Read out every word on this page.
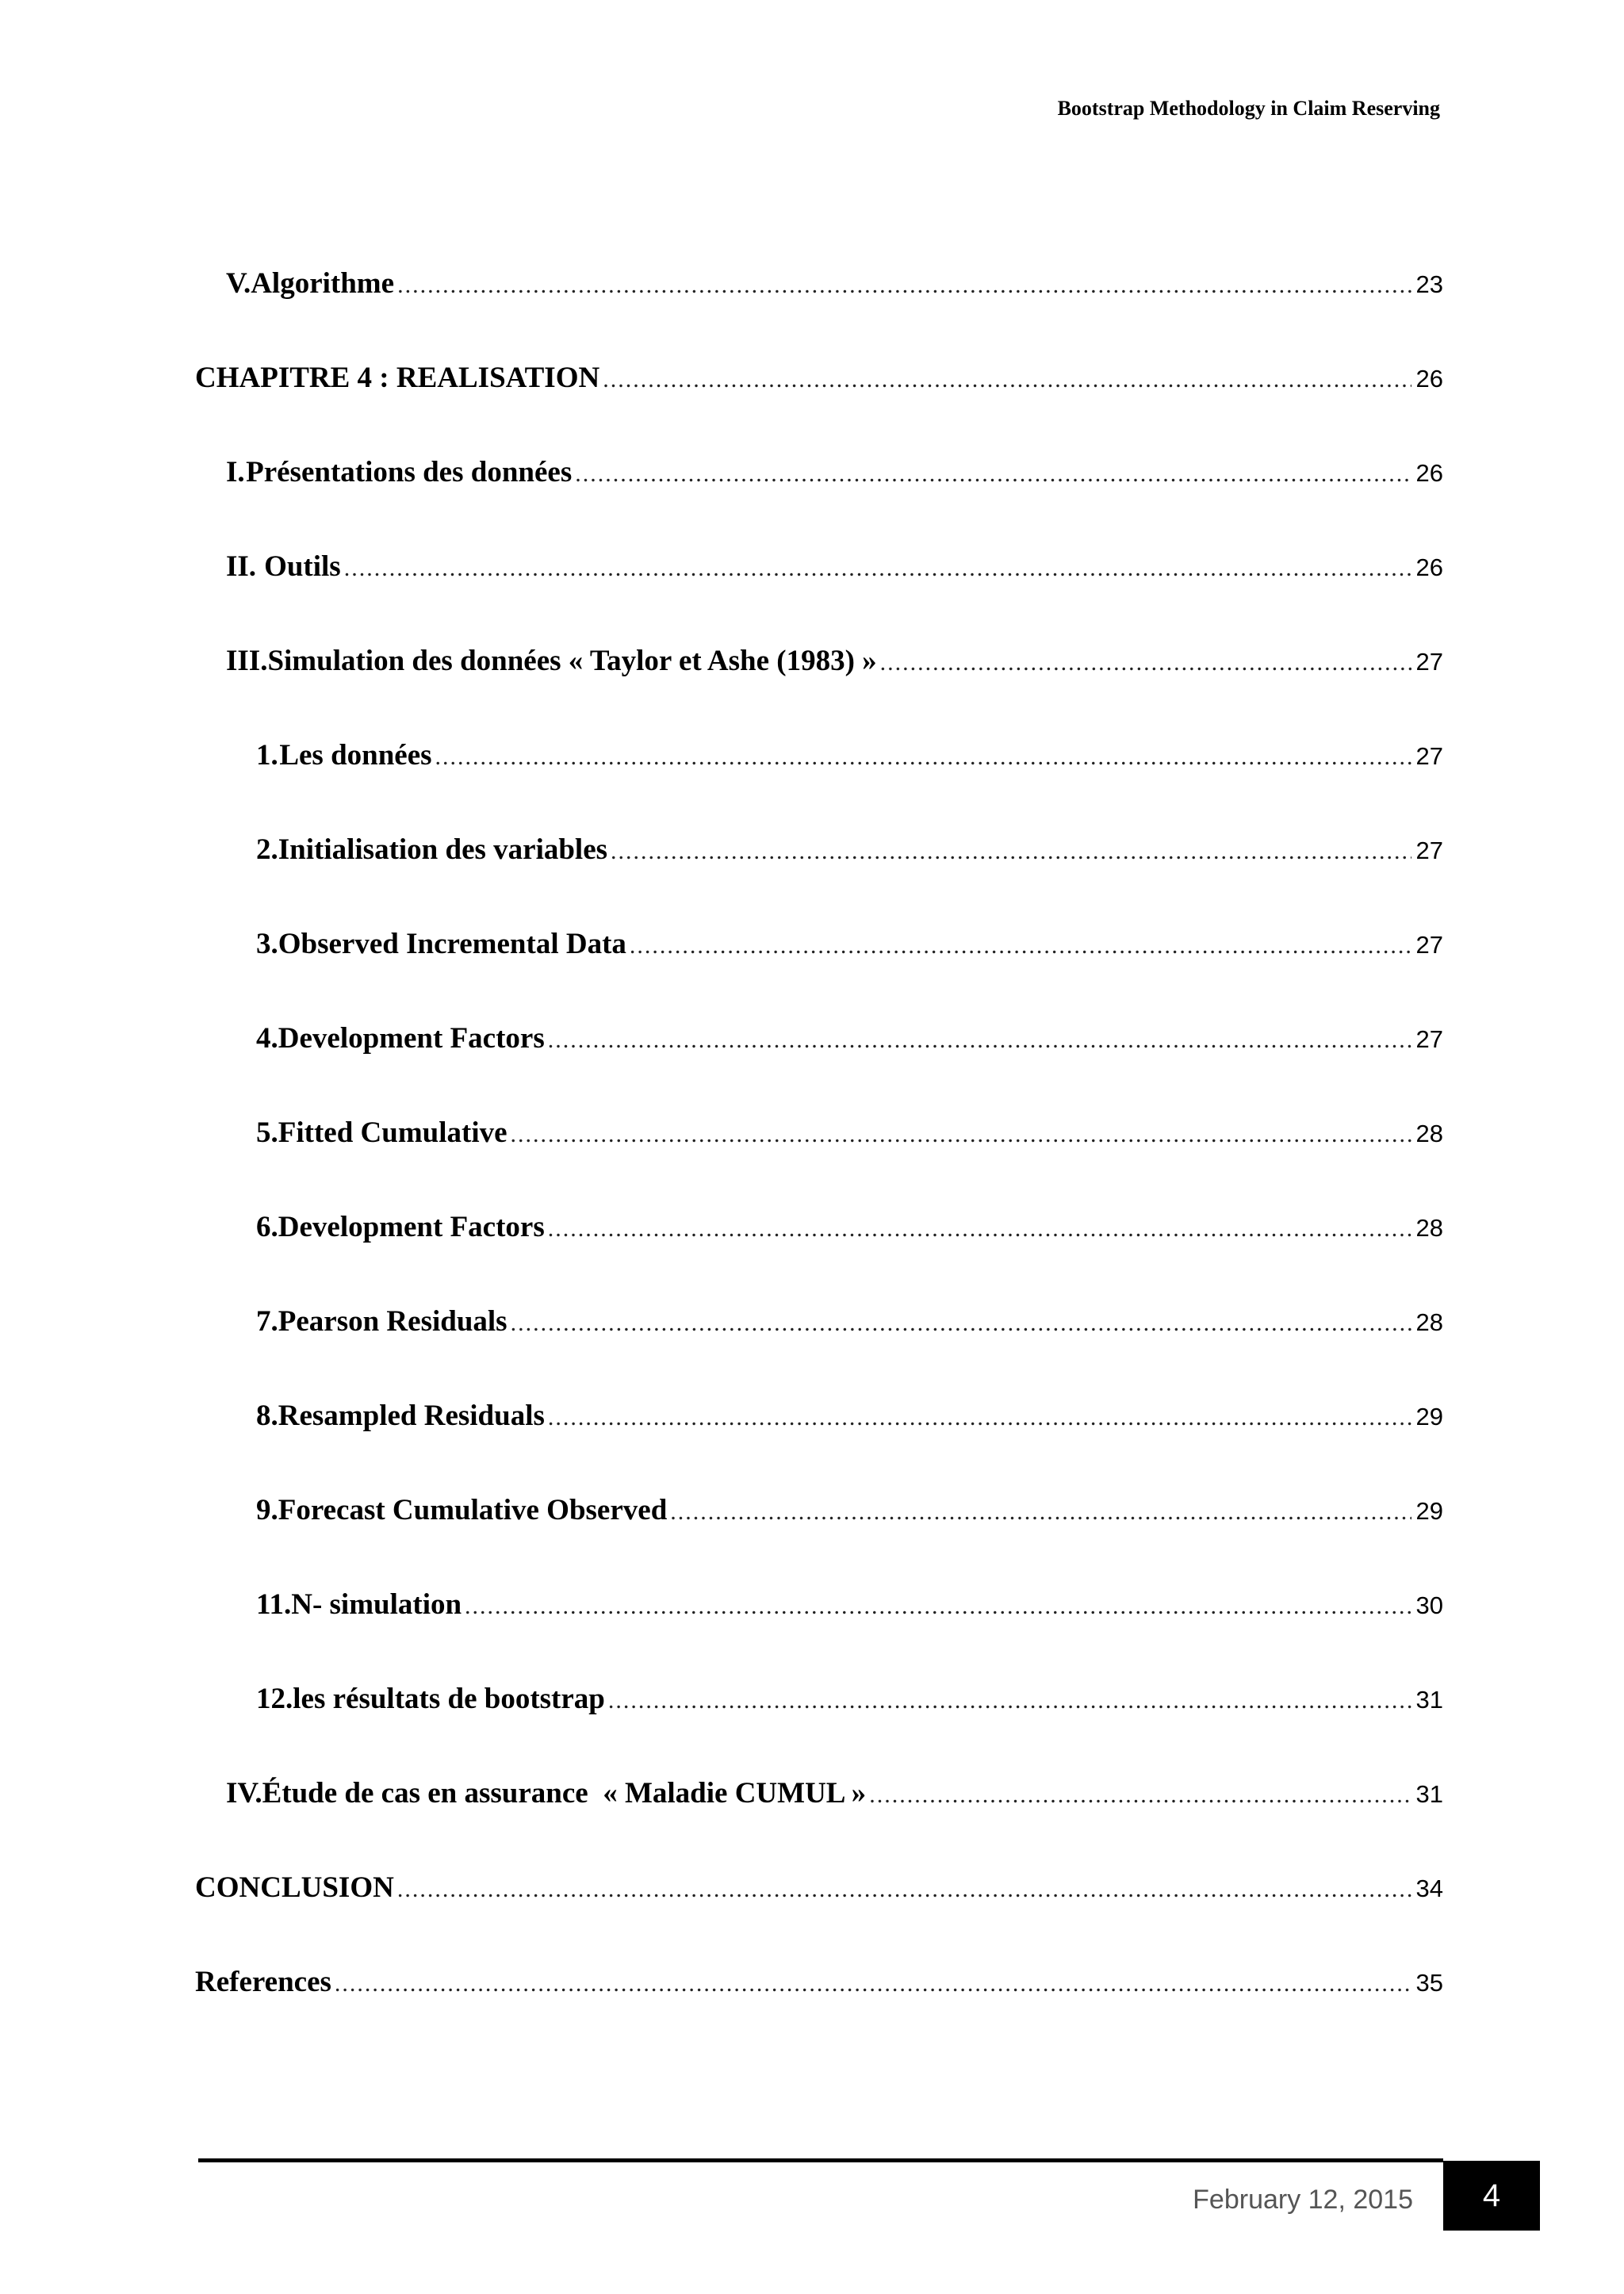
Bootstrap Methodology in Claim Reserving
V. Algorithme .....	23
CHAPITRE 4 : REALISATION .....	26
I. Présentations des données .....	26
II. Outils .....	26
III. Simulation des données « Taylor et Ashe (1983) » .....	27
1. Les données .....	27
2. Initialisation des variables .....	27
3. Observed Incremental Data .....	27
4. Development Factors .....	27
5. Fitted Cumulative .....	28
6. Development Factors .....	28
7. Pearson Residuals .....	28
8. Resampled Residuals .....	29
9. Forecast Cumulative Observed .....	29
11. N- simulation .....	30
12. les résultats de bootstrap .....	31
IV. Étude de cas en assurance  « Maladie CUMUL » .....	31
CONCLUSION .....	34
References .....	35
February 12, 2015	4
